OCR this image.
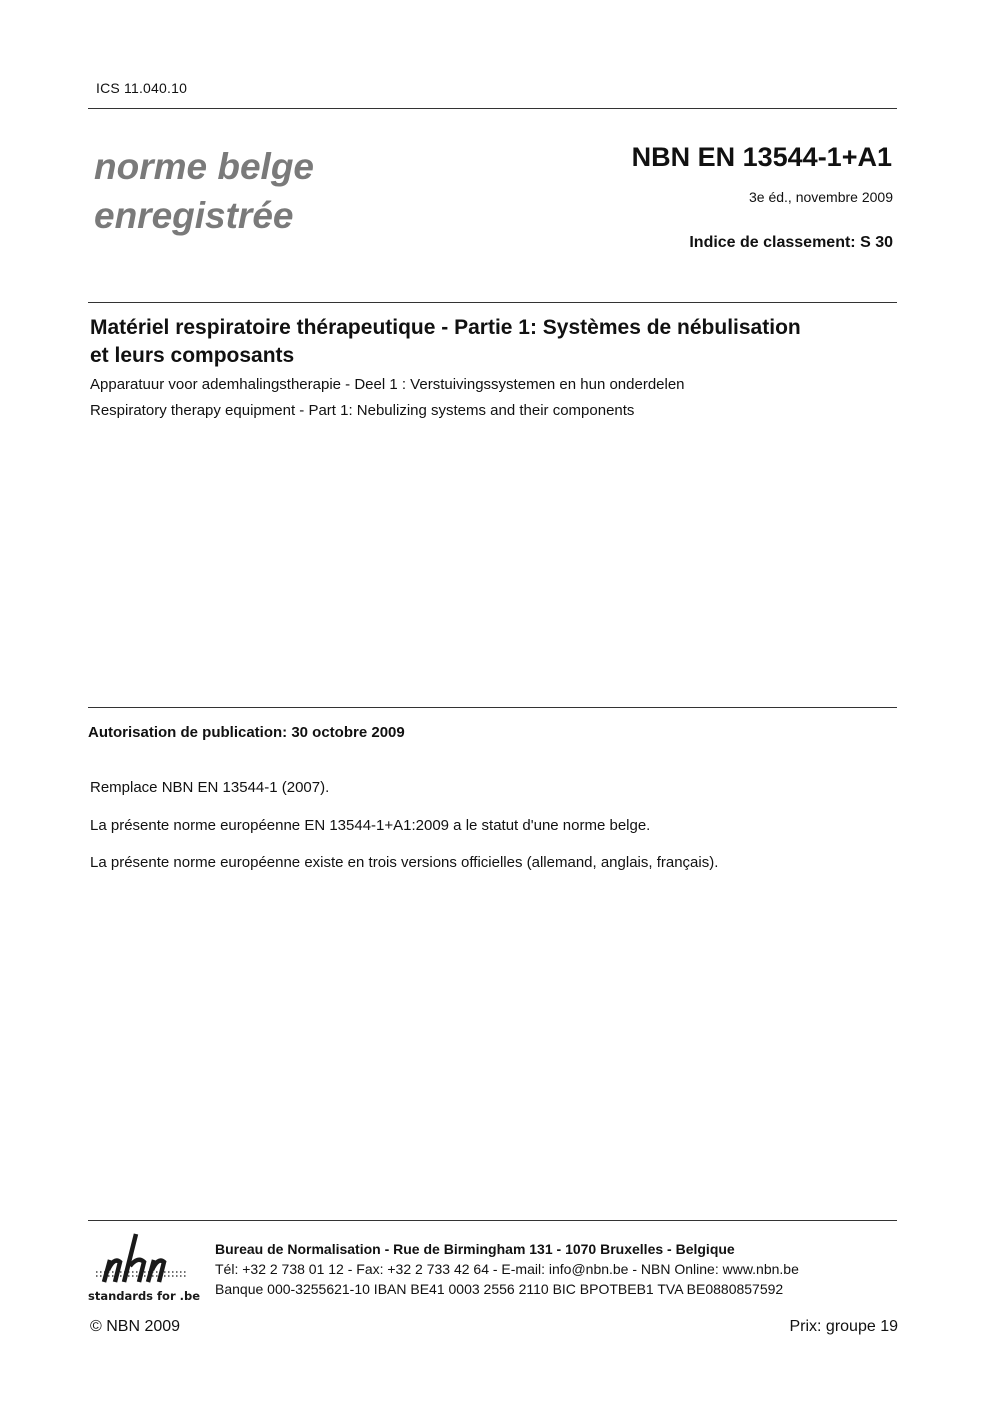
ICS 11.040.10
norme belge
enregistrée
NBN EN 13544-1+A1
3e éd., novembre 2009
Indice de classement: S 30
Matériel respiratoire thérapeutique - Partie 1: Systèmes de nébulisation
et leurs composants
Apparatuur voor ademhalingstherapie - Deel 1 : Verstuivingssystemen en hun onderdelen
Respiratory therapy equipment - Part 1: Nebulizing systems and their components
Autorisation de publication: 30 octobre 2009
Remplace NBN EN 13544-1 (2007).
La présente norme européenne EN 13544-1+A1:2009 a le statut d'une norme belge.
La présente norme européenne existe en trois versions officielles (allemand, anglais, français).
standards for .be
Bureau de Normalisation - Rue de Birmingham 131 - 1070 Bruxelles - Belgique
Tél: +32 2 738 01 12 - Fax: +32 2 733 42 64 - E-mail: info@nbn.be - NBN Online: www.nbn.be
Banque 000-3255621-10 IBAN BE41 0003 2556 2110 BIC BPOTBEB1 TVA BE0880857592
© NBN 2009	Prix: groupe 19
